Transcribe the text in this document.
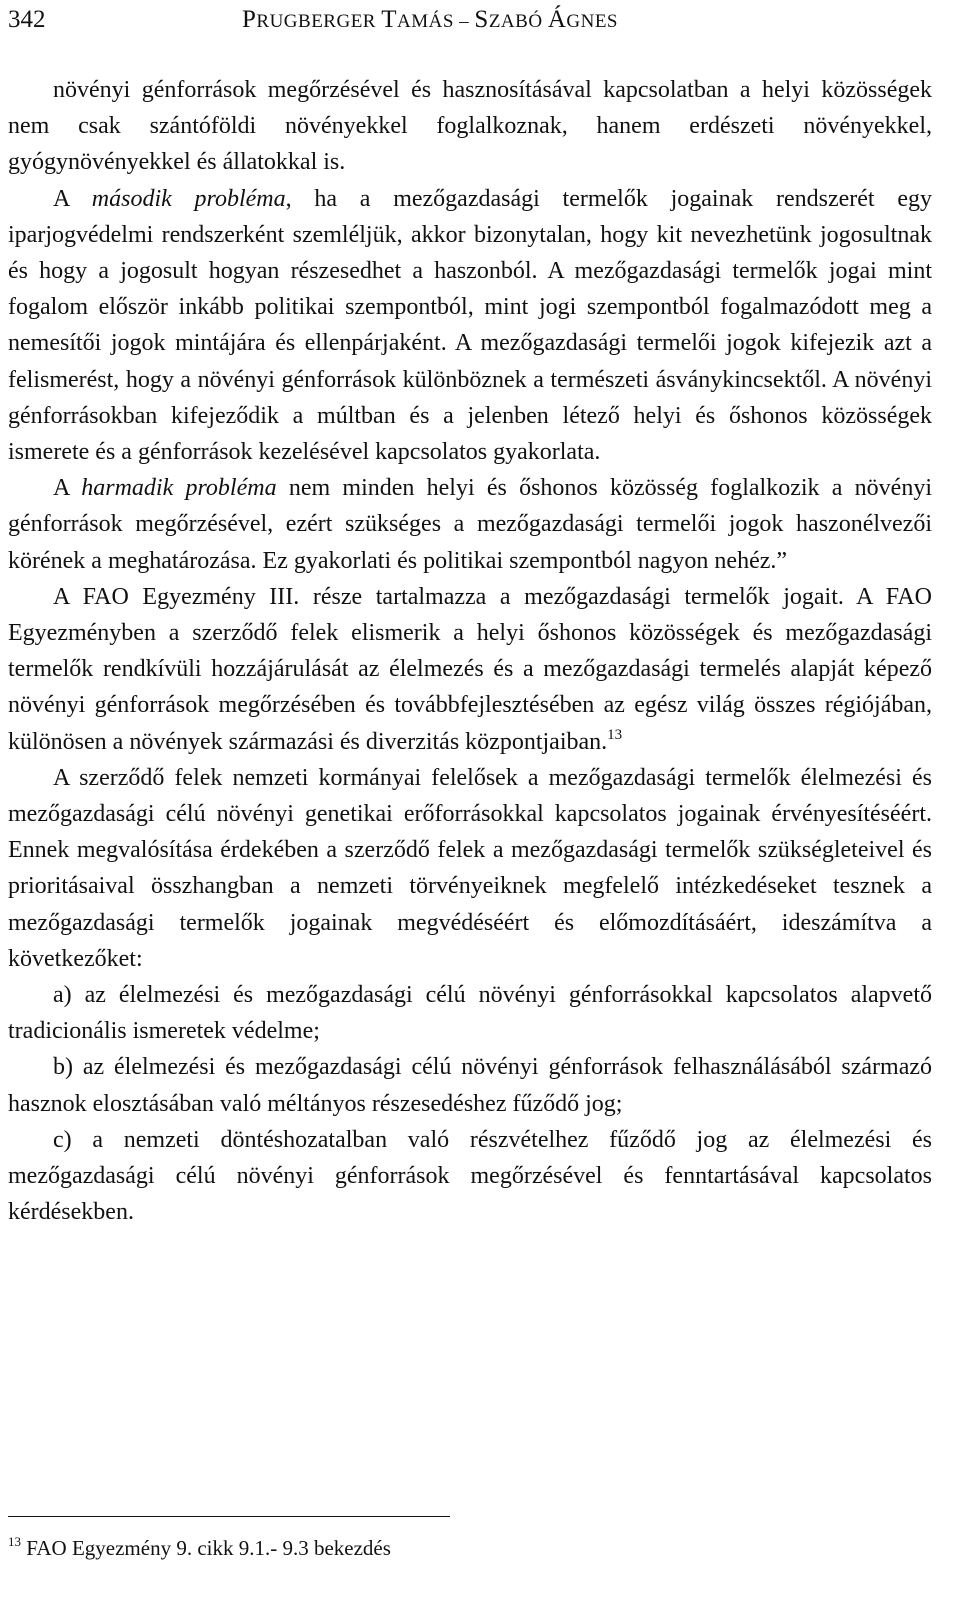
342	PRUGBERGER TAMÁS – SZABÓ ÁGNES

növényi génforrások megőrzésével és hasznosításával kapcsolatban a helyi közösségek nem csak szántóföldi növényekkel foglalkoznak, hanem erdészeti növényekkel, gyógynövényekkel és állatokkal is.

A második probléma, ha a mezőgazdasági termelők jogainak rendszerét egy iparjogvédelmi rendszerként szemléljük, akkor bizonytalan, hogy kit nevezhetünk jogosultnak és hogy a jogosult hogyan részesedhet a haszonból. A mezőgazdasági termelők jogai mint fogalom először inkább politikai szempontból, mint jogi szempontból fogalmazódott meg a nemesítői jogok mintájára és ellenpárjaként. A mezőgazdasági termelői jogok kifejezik azt a felismerést, hogy a növényi génforrások különböznek a természeti ásványkincsektől. A növényi génforrásokban kifejeződik a múltban és a jelenben létező helyi és őshonos közösségek ismerete és a génforrások kezelésével kapcsolatos gyakorlata.

A harmadik probléma nem minden helyi és őshonos közösség foglalkozik a növényi génforrások megőrzésével, ezért szükséges a mezőgazdasági termelői jogok haszonélvezői körének a meghatározása. Ez gyakorlati és politikai szempontból nagyon nehéz.”

A FAO Egyezmény III. része tartalmazza a mezőgazdasági termelők jogait. A FAO Egyezményben a szerződő felek elismerik a helyi őshonos közösségek és mezőgazdasági termelők rendkívüli hozzájárulását az élelmezés és a mezőgazdasági termelés alapját képező növényi génforrások megőrzésében és továbbfejlesztésében az egész világ összes régiójában, különösen a növények származási és diverzitás központjaiban.$^{13}$

A szerződő felek nemzeti kormányai felelősek a mezőgazdasági termelők élelmezési és mezőgazdasági célú növényi genetikai erőforrásokkal kapcsolatos jogainak érvényesítéséért. Ennek megvalósítása érdekében a szerződő felek a mezőgazdasági termelők szükségleteivel és prioritásaival összhangban a nemzeti törvényeiknek megfelelő intézkedéseket tesznek a mezőgazdasági termelők jogainak megvédéséért és előmozdításáért, ideszámítva a következőket:

a) az élelmezési és mezőgazdasági célú növényi génforrásokkal kapcsolatos alapvető tradicionális ismeretek védelme;

b) az élelmezési és mezőgazdasági célú növényi génforrások felhasználásából származó hasznok elosztásában való méltányos részesedéshez fűződő jog;

c) a nemzeti döntéshozatalban való részvételhez fűződő jog az élelmezési és mezőgazdasági célú növényi génforrások megőrzésével és fenntartásával kapcsolatos kérdésekben.

$^{13}$ FAO Egyezmény 9. cikk 9.1.- 9.3 bekezdés
